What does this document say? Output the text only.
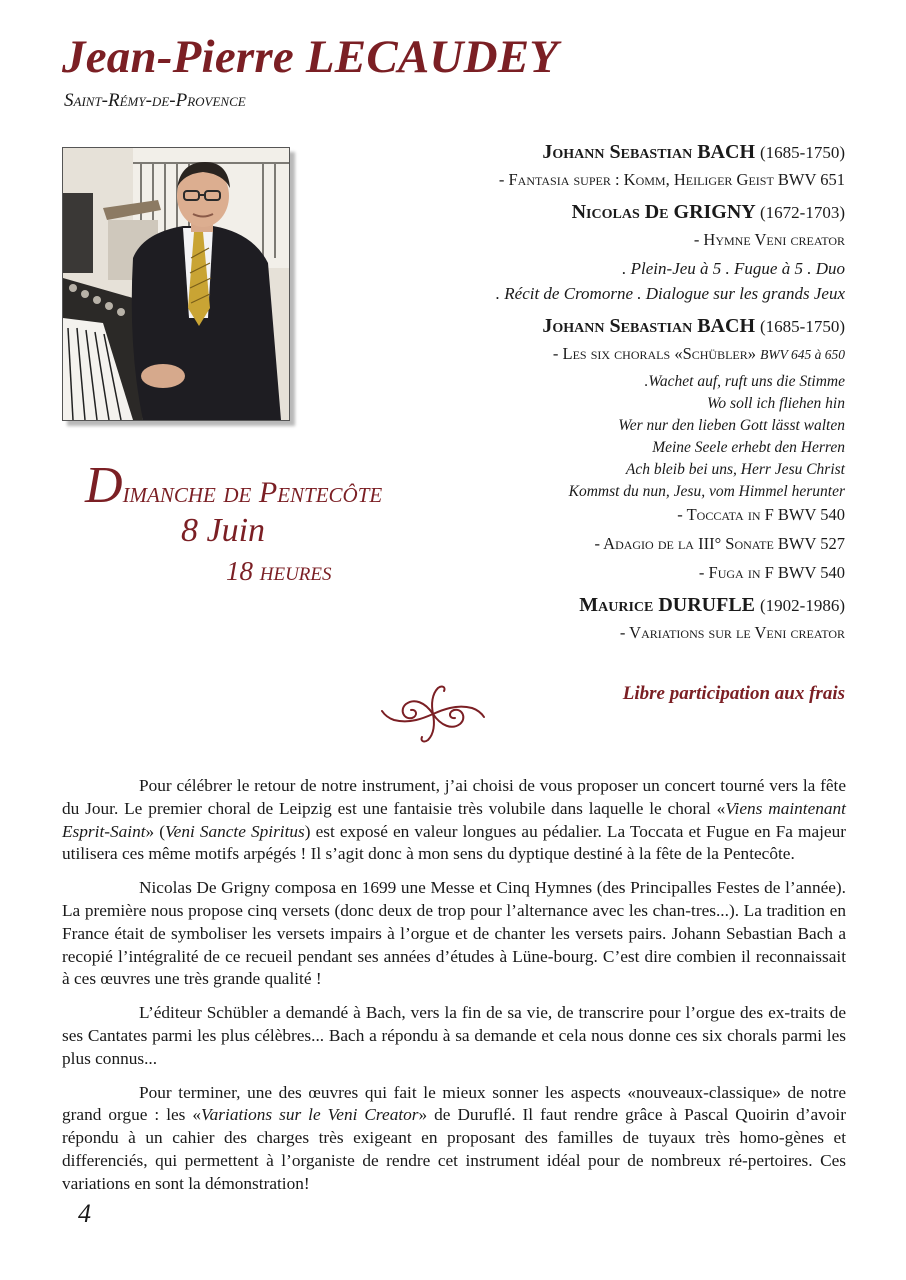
Jean-Pierre LECAUDEY
Saint-Rémy-de-Provence
Dimanche de Pentecôte
8 Juin
18 heures
Johann Sebastian BACH (1685-1750)
- Fantasia super : Komm, Heiliger Geist BWV 651
Nicolas De GRIGNY (1672-1703)
- Hymne Veni creator
. Plein-Jeu à 5 . Fugue à 5 . Duo
. Récit de Cromorne . Dialogue sur les grands Jeux
Johann Sebastian BACH (1685-1750)
- Les six chorals «Schübler» BWV 645 à 650
.Wachet auf, ruft uns die Stimme
Wo soll ich fliehen hin
Wer nur den lieben Gott lässt walten
Meine Seele erhebt den Herren
Ach bleib bei uns, Herr Jesu Christ
Kommst du nun, Jesu, vom Himmel herunter
- Toccata in F BWV 540
- Adagio de la III° Sonate BWV 527
- Fuga in F BWV 540
Maurice DURUFLE (1902-1986)
- Variations sur le Veni creator
Libre participation aux frais

Pour célébrer le retour de notre instrument, j’ai choisi de vous proposer un concert tourné vers la fête du Jour. Le premier choral de Leipzig est une fantaisie très volubile dans laquelle le choral «Viens maintenant Esprit-Saint» (Veni Sancte Spiritus) est exposé en valeur longues au pédalier. La Toccata et Fugue en Fa majeur utilisera ces même motifs arpégés ! Il s’agit donc à mon sens du dyptique destiné à la fête de la Pentecôte.

Nicolas De Grigny composa en 1699 une Messe et Cinq Hymnes (des Principalles Festes de l’année). La première nous propose cinq versets (donc deux de trop pour l’alternance avec les chan-tres...). La tradition en France était de symboliser les versets impairs à l’orgue et de chanter les versets pairs. Johann Sebastian Bach a recopié l’intégralité de ce recueil pendant ses années d’études à Lüne-bourg. C’est dire combien il reconnaissait à ces œuvres une très grande qualité !

L’éditeur Schübler a demandé à Bach, vers la fin de sa vie, de transcrire pour l’orgue des ex-traits de ses Cantates parmi les plus célèbres... Bach a répondu à sa demande et cela nous donne ces six chorals parmi les plus connus...

Pour terminer, une des œuvres qui fait le mieux sonner les aspects «nouveaux-classique» de notre grand orgue : les «Variations sur le Veni Creator» de Duruflé. Il faut rendre grâce à Pascal Quoirin d’avoir répondu à un cahier des charges très exigeant en proposant des familles de tuyaux très homo-gènes et differenciés, qui permettent à l’organiste de rendre cet instrument idéal pour de nombreux ré-pertoires. Ces variations en sont la démonstration!

4
